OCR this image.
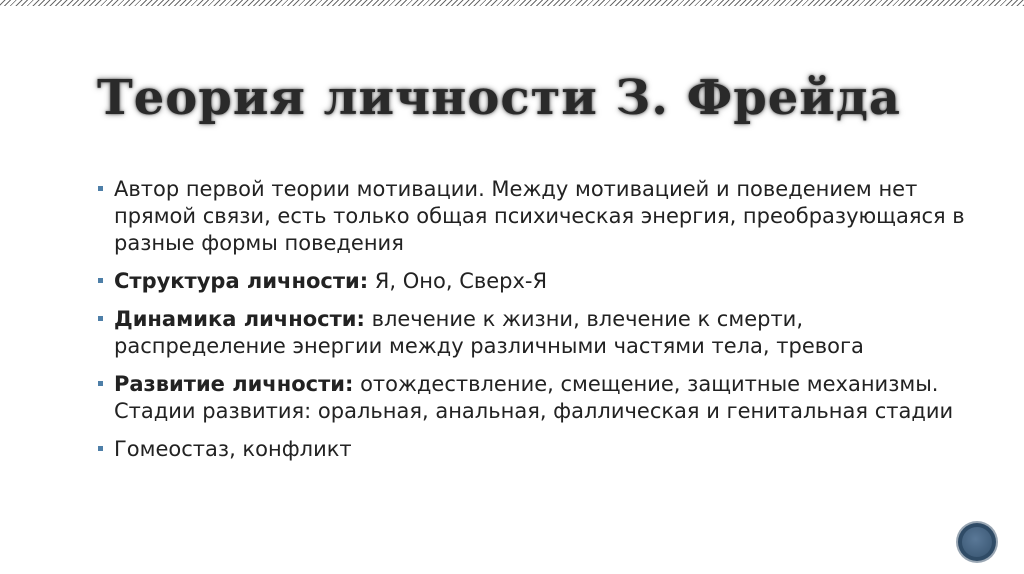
Теория личности З. Фрейда
Автор первой теории мотивации. Между мотивацией и поведением нет прямой связи, есть только общая психическая энергия, преобразующаяся в разные формы поведения
Структура личности: Я, Оно, Сверх-Я
Динамика личности: влечение к жизни, влечение к смерти, распределение энергии между различными частями тела, тревога
Развитие личности: отождествление, смещение, защитные механизмы. Стадии развития: оральная, анальная, фаллическая и генитальная стадии
Гомеостаз, конфликт
